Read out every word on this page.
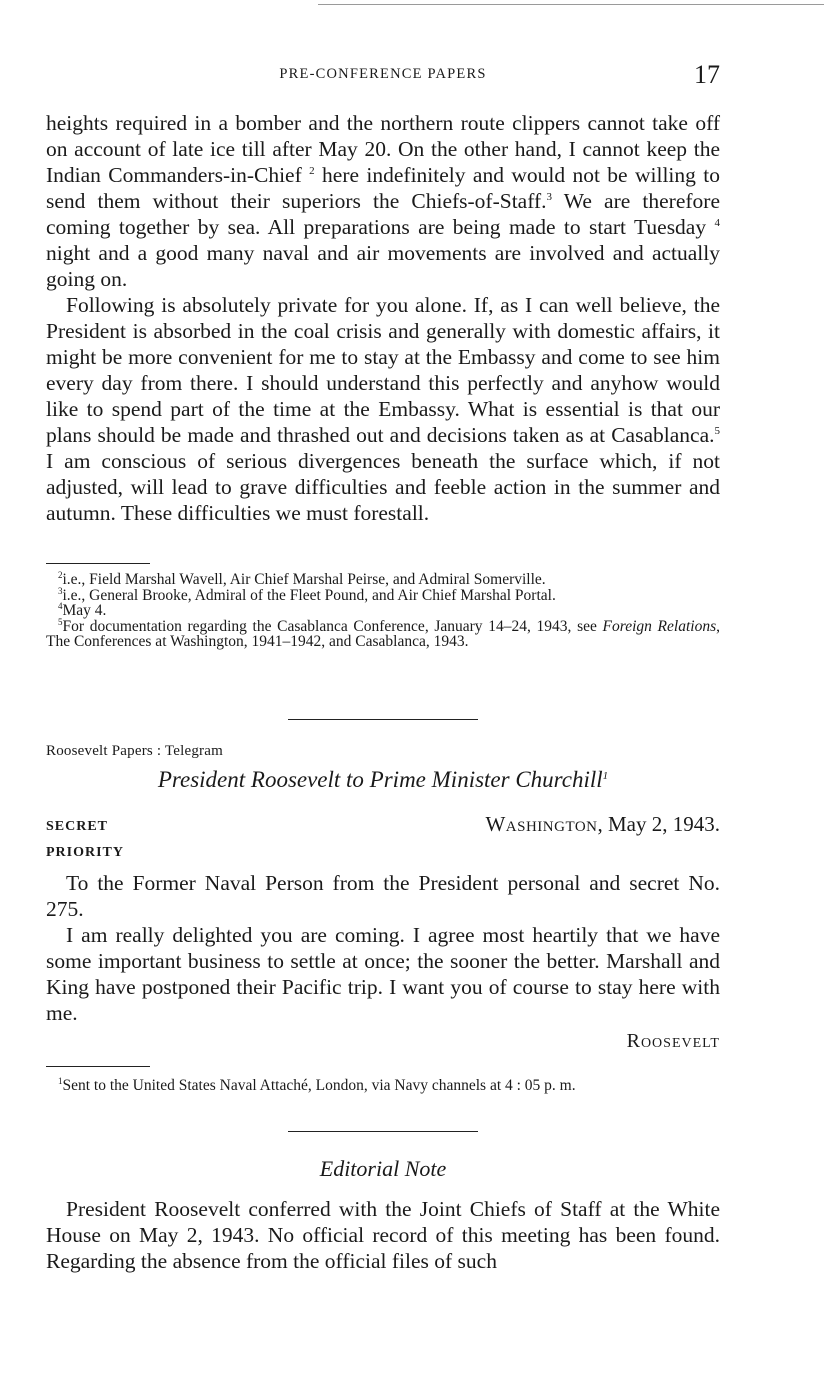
PRE-CONFERENCE PAPERS	17

heights required in a bomber and the northern route clippers cannot take off on account of late ice till after May 20. On the other hand, I cannot keep the Indian Commanders-in-Chief $^2$ here indefinitely and would not be willing to send them without their superiors the Chiefs-of-Staff.$^3$ We are therefore coming together by sea. All preparations are being made to start Tuesday $^4$ night and a good many naval and air movements are involved and actually going on.

Following is absolutely private for you alone. If, as I can well believe, the President is absorbed in the coal crisis and generally with domestic affairs, it might be more convenient for me to stay at the Embassy and come to see him every day from there. I should understand this perfectly and anyhow would like to spend part of the time at the Embassy. What is essential is that our plans should be made and thrashed out and decisions taken as at Casablanca.$^5$ I am conscious of serious divergences beneath the surface which, if not adjusted, will lead to grave difficulties and feeble action in the summer and autumn. These difficulties we must forestall.

$^2$i.e., Field Marshal Wavell, Air Chief Marshal Peirse, and Admiral Somerville.

$^3$i.e., General Brooke, Admiral of the Fleet Pound, and Air Chief Marshal Portal.

$^4$May 4.

$^5$For documentation regarding the Casablanca Conference, January 14–24, 1943, see Foreign Relations, The Conferences at Washington, 1941–1942, and Casablanca, 1943.

Roosevelt Papers : Telegram
President Roosevelt to Prime Minister Churchill$^1$
SECRET	Washington, May 2, 1943.
PRIORITY

To the Former Naval Person from the President personal and secret No. 275.

I am really delighted you are coming. I agree most heartily that we have some important business to settle at once; the sooner the better. Marshall and King have postponed their Pacific trip. I want you of course to stay here with me.

Roosevelt

$^1$Sent to the United States Naval Attaché, London, via Navy channels at 4 : 05 p. m.

Editorial Note

President Roosevelt conferred with the Joint Chiefs of Staff at the White House on May 2, 1943. No official record of this meeting has been found. Regarding the absence from the official files of such
